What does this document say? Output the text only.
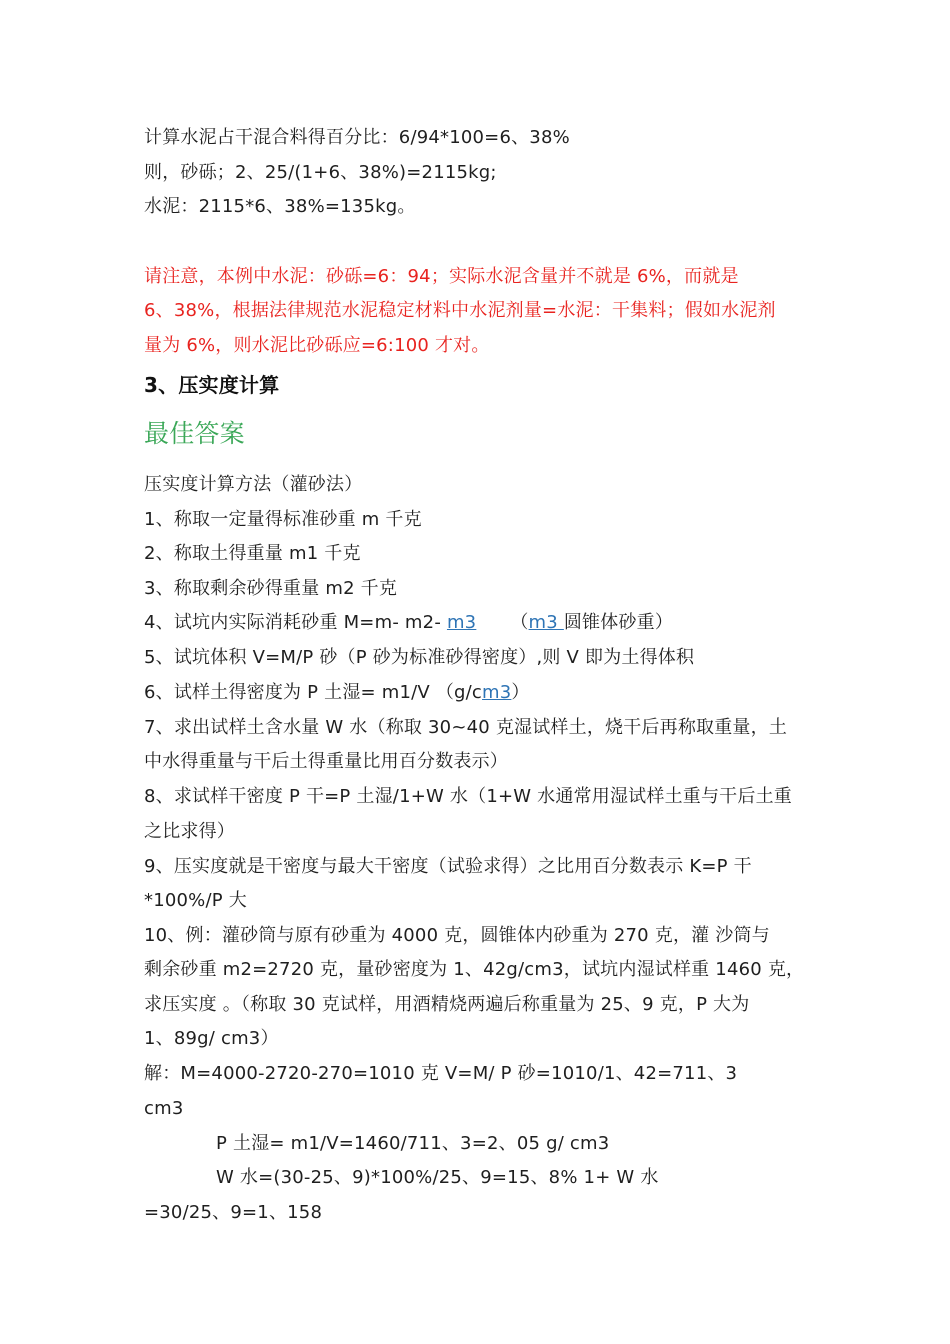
计算水泥占干混合料得百分比：6/94*100=6、38%
则，砂砾；2、25/(1+6、38%)=2115kg;
水泥：2115*6、38%=135kg。
请注意，本例中水泥：砂砾=6：94；实际水泥含量并不就是 6%，而就是
6、38%，根据法律规范水泥稳定材料中水泥剂量=水泥：干集料；假如水泥剂
量为 6%，则水泥比砂砾应=6:100 才对。
3、压实度计算
最佳答案
压实度计算方法（灌砂法）
1、称取一定量得标准砂重 m 千克
2、称取土得重量 m1 千克
3、称取剩余砂得重量 m2 千克
4、试坑内实际消耗砂重 M=m- m2- m3 （m3 圆锥体砂重）
5、试坑体积 V=M/P 砂（P 砂为标准砂得密度）,则 V 即为土得体积
6、试样土得密度为 P 土湿= m1/V （g/cm3）
7、求出试样土含水量 W 水（称取 30~40 克湿试样土，烧干后再称取重量，土
中水得重量与干后土得重量比用百分数表示）
8、求试样干密度 P 干=P 土湿/1+W 水（1+W 水通常用湿试样土重与干后土重
之比求得）
9、压实度就是干密度与最大干密度（试验求得）之比用百分数表示 K=P 干
*100%/P 大
10、例：灌砂筒与原有砂重为 4000 克，圆锥体内砂重为 270 克，灌 沙筒与
剩余砂重 m2=2720 克，量砂密度为 1、42g/cm3，试坑内湿试样重 1460 克，
求压实度 。（称取 30 克试样，用酒精烧两遍后称重量为 25、9 克，P 大为
1、89g/ cm3）
解：M=4000-2720-270=1010 克 V=M/ P 砂=1010/1、42=711、3
cm3
P 土湿= m1/V=1460/711、3=2、05 g/ cm3
W 水=(30-25、9)*100%/25、9=15、8% 1+ W 水
=30/25、9=1、158
